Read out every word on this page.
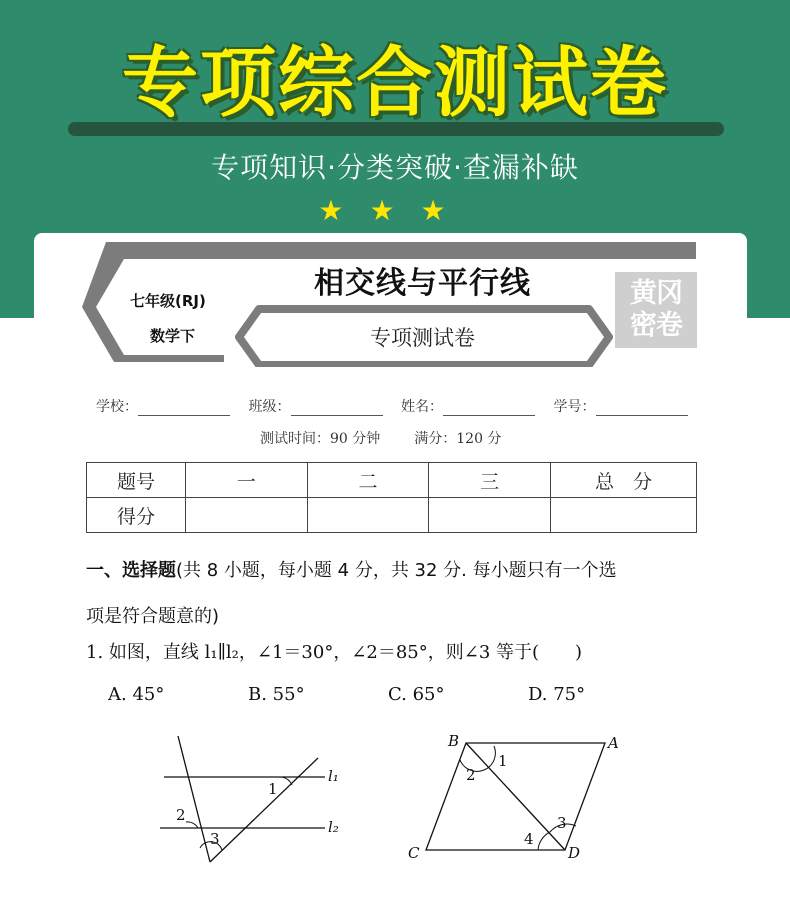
专项综合测试卷
专项知识·分类突破·查漏补缺
★★★
七年级(RJ)
数学下
相交线与平行线
专项测试卷
黄冈
密卷
学校：	班级：	姓名：	学号：
测试时间：90 分钟 满分：120 分
题号	一	二	三	总　分
得分				
一、选择题(共 8 小题，每小题 4 分，共 32 分. 每小题只有一个选
项是符合题意的)
1. 如图，直线 l₁∥l₂，∠1＝30°，∠2＝85°，则∠3 等于(　　)
A. 45°	B. 55°	C. 65°	D. 75°
1
2
3
l₁
l₂
A
B
C	D
1
2
3
4
